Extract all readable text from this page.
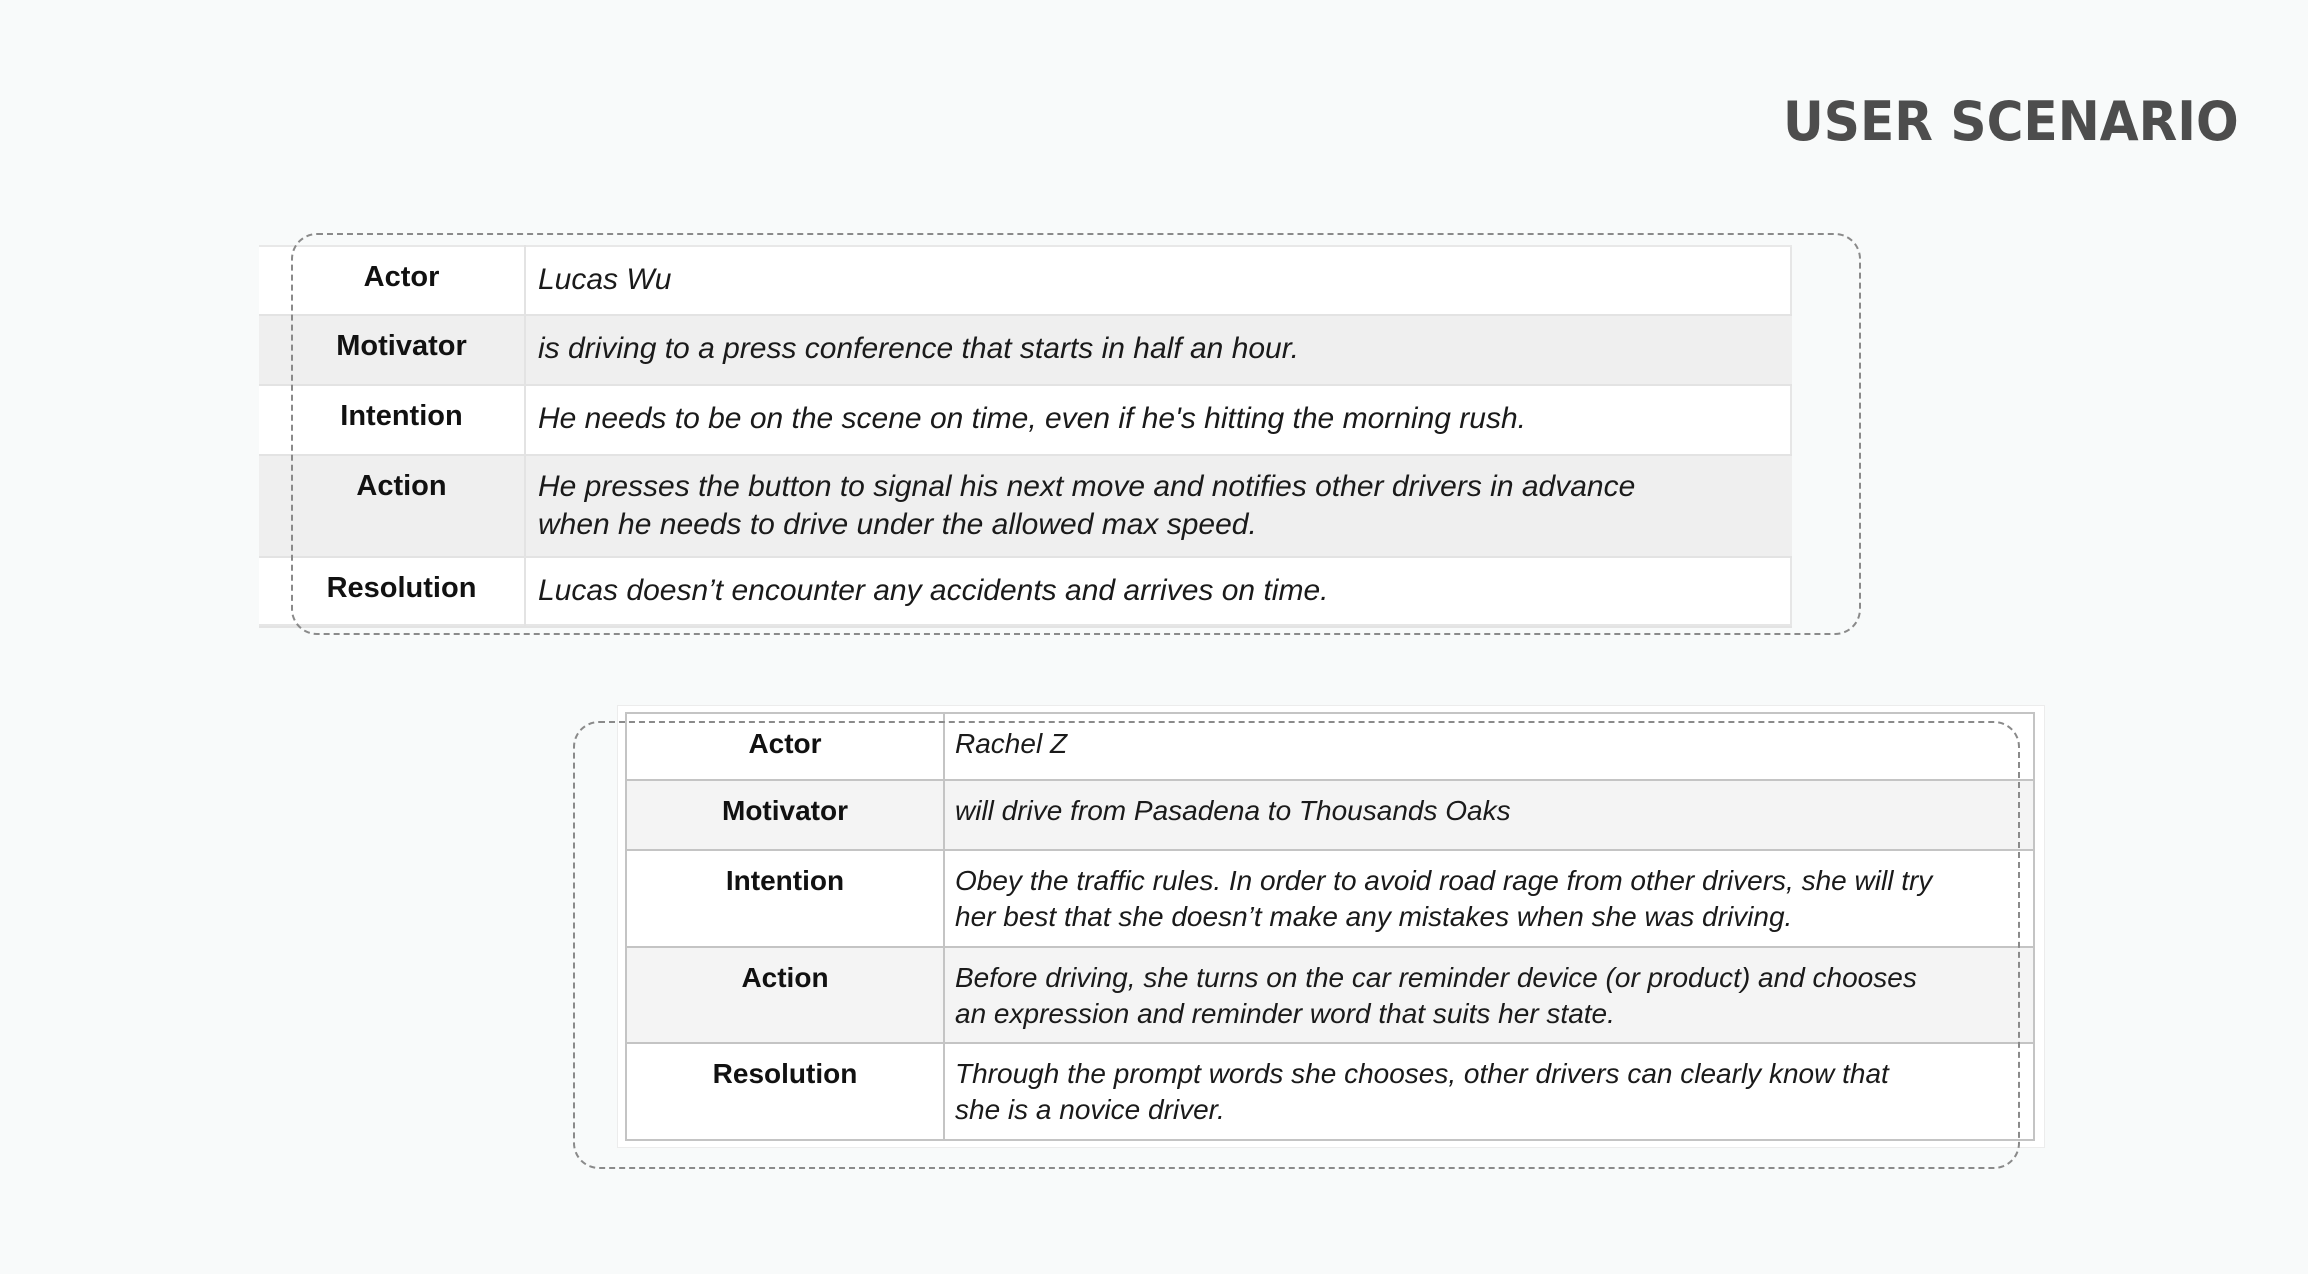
USER SCENARIO
Actor	Lucas Wu
Motivator	is driving to a press conference that starts in half an hour.
Intention	He needs to be on the scene on time, even if he's hitting the morning rush.
Action	He presses the button to signal his next move and notifies other drivers in advance
when he needs to drive under the allowed max speed.

Resolution	Lucas doesn’t encounter any accidents and arrives on time.
Actor	Rachel Z
Motivator	will drive from Pasadena to Thousands Oaks
Intention	Obey the traffic rules. In order to avoid road rage from other drivers, she will try
her best that she doesn’t make any mistakes when she was driving.

Action	Before driving, she turns on the car reminder device (or product) and chooses
an expression and reminder word that suits her state.

Resolution	Through the prompt words she chooses, other drivers can clearly know that
she is a novice driver.
